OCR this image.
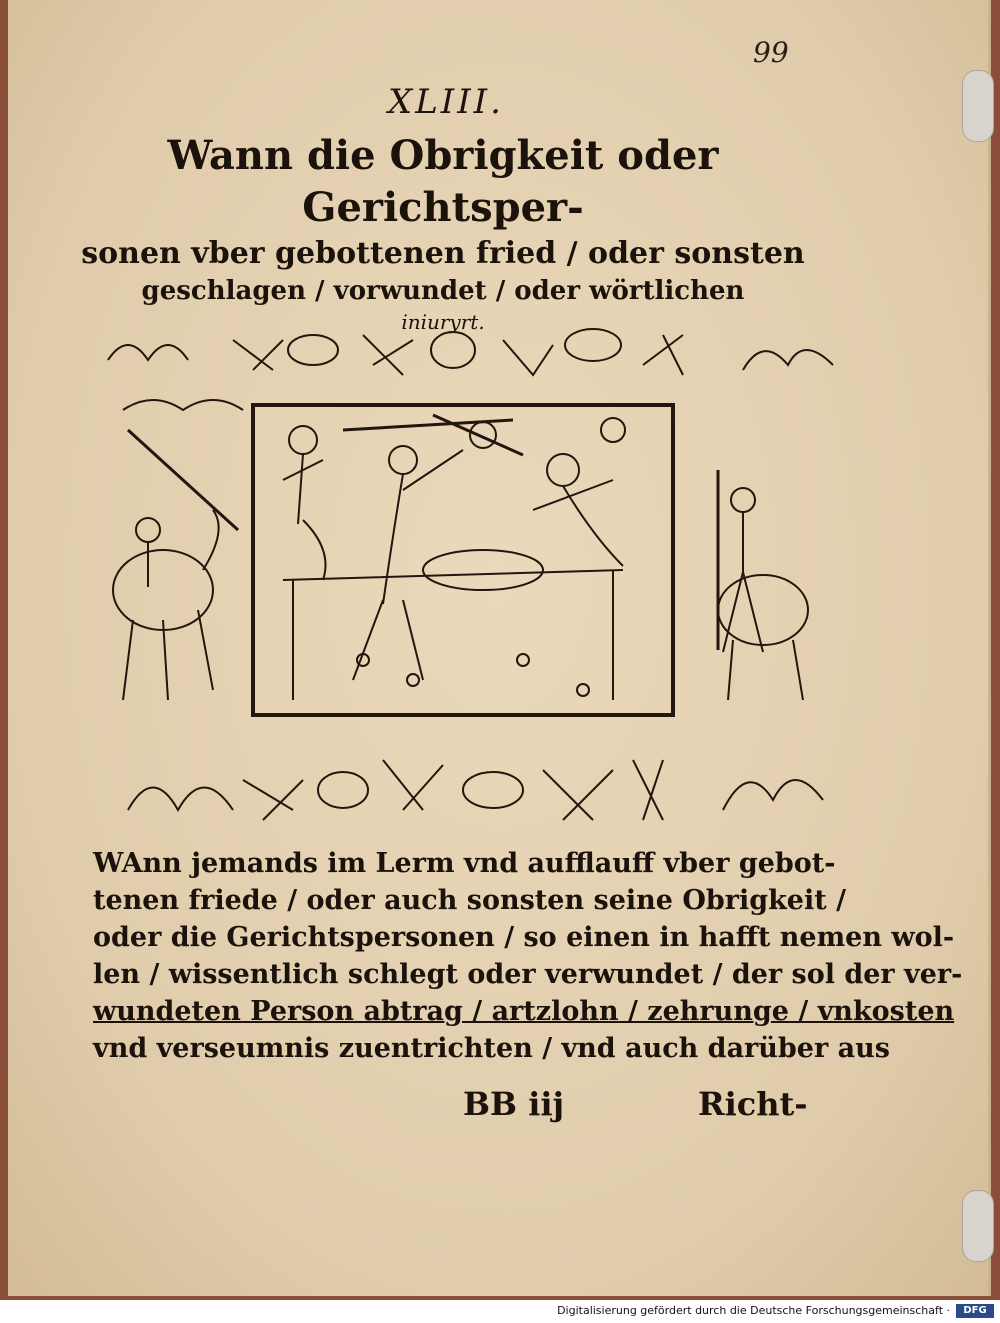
99
XLIII.
Wann die Obrigkeit oder Gerichtsper-
sonen vber gebottenen fried / oder sonsten
geschlagen / vorwundet / oder wörtlichen
iniuryrt.
WAnn jemands im Lerm vnd aufflauff vber gebot-
tenen friede / oder auch sonsten seine Obrigkeit /
oder die Gerichtspersonen / so einen in hafft nemen wol-
len / wissentlich schlegt oder verwundet / der sol der ver-
wundeten Person abtrag / artzlohn / zehrunge / vnkosten
vnd verseumnis zuentrichten / vnd auch darüber aus
BB iij	Richt-
Digitalisierung gefördert durch die Deutsche Forschungsgemeinschaft ·	DFG
